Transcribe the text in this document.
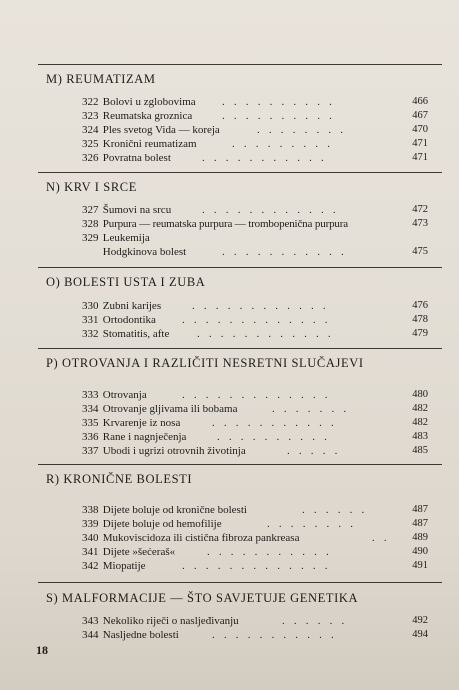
M) REUMATIZAM
322 Bolovi u zglobovima . . . . . . . . . .	466
323 Reumatska groznica	. . . . . . . . . .	467
324 Ples svetog Vida — koreja	. . . . . . . .	470
325 Kronični reumatizam	. . . . . . . . .	471
326 Povratna bolest	. . . . . . . . . . .	471
N) KRV I SRCE
327 Šumovi na srcu	. . . . . . . . . . . .	472
328 Purpura — reumatska purpura — trombopenična purpura	473
329 Leukemija
Hodgkinova bolest	. . . . . . . . . . .	475
O) BOLESTI USTA I ZUBA
330 Zubni karijes	. . . . . . . . . . . .	476
331 Ortodontika . . . . . . . . . . . . .	478
332 Stomatitis, afte	. . . . . . . . . . . .	479
P) OTROVANJA I RAZLIČITI NESRETNI SLUČAJEVI
333 Otrovanja	. . . . . . . . . . . . .	480
334 Otrovanje gljivama ili bobama	. . . . . . .	482
335 Krvarenje iz nosa	. . . . . . . . . . .	482
336 Rane i nagnječenja	. . . . . . . . . .	483
337 Ubodi i ugrizi otrovnih životinja	. . . . .	485
R) KRONIČNE BOLESTI
338 Dijete boluje od kronične bolesti	. . . . . .	487
339 Dijete boluje od hemofilije	. . . . . . . .	487
340 Mukoviscidoza ili cistična fibroza pankreasa	. . 489
341 Dijete »šećeraš«	. . . . . . . . . . .	490
342 Miopatije	. . . . . . . . . . . . .	491
S) MALFORMACIJE — ŠTO SAVJETUJE GENETIKA
343 Nekoliko riječi o nasljeđivanju	. . . . . .	492
344 Nasljedne bolesti	. . . . . . . . . . .	494
18
